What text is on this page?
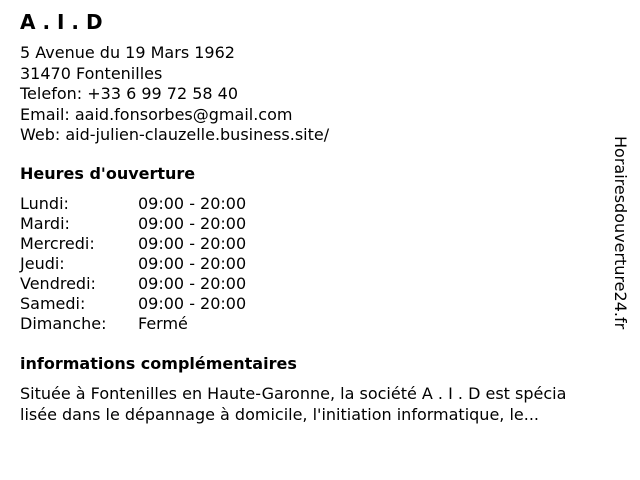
A . I . D
5 Avenue du 19 Mars 1962
31470 Fontenilles
Telefon: +33 6 99 72 58 40
Email: aaid.fonsorbes@gmail.com
Web: aid-julien-clauzelle.business.site/
Heures d'ouverture
Lundi:	09:00 - 20:00
Mardi:	09:00 - 20:00
Mercredi:	09:00 - 20:00
Jeudi:	09:00 - 20:00
Vendredi:	09:00 - 20:00
Samedi:	09:00 - 20:00
Dimanche:	Fermé
informations complémentaires
Située à Fontenilles en Haute-Garonne, la société A . I . D est spécia
lisée dans le dépannage à domicile, l'initiation informatique, le...
Horairesdouverture24.fr
